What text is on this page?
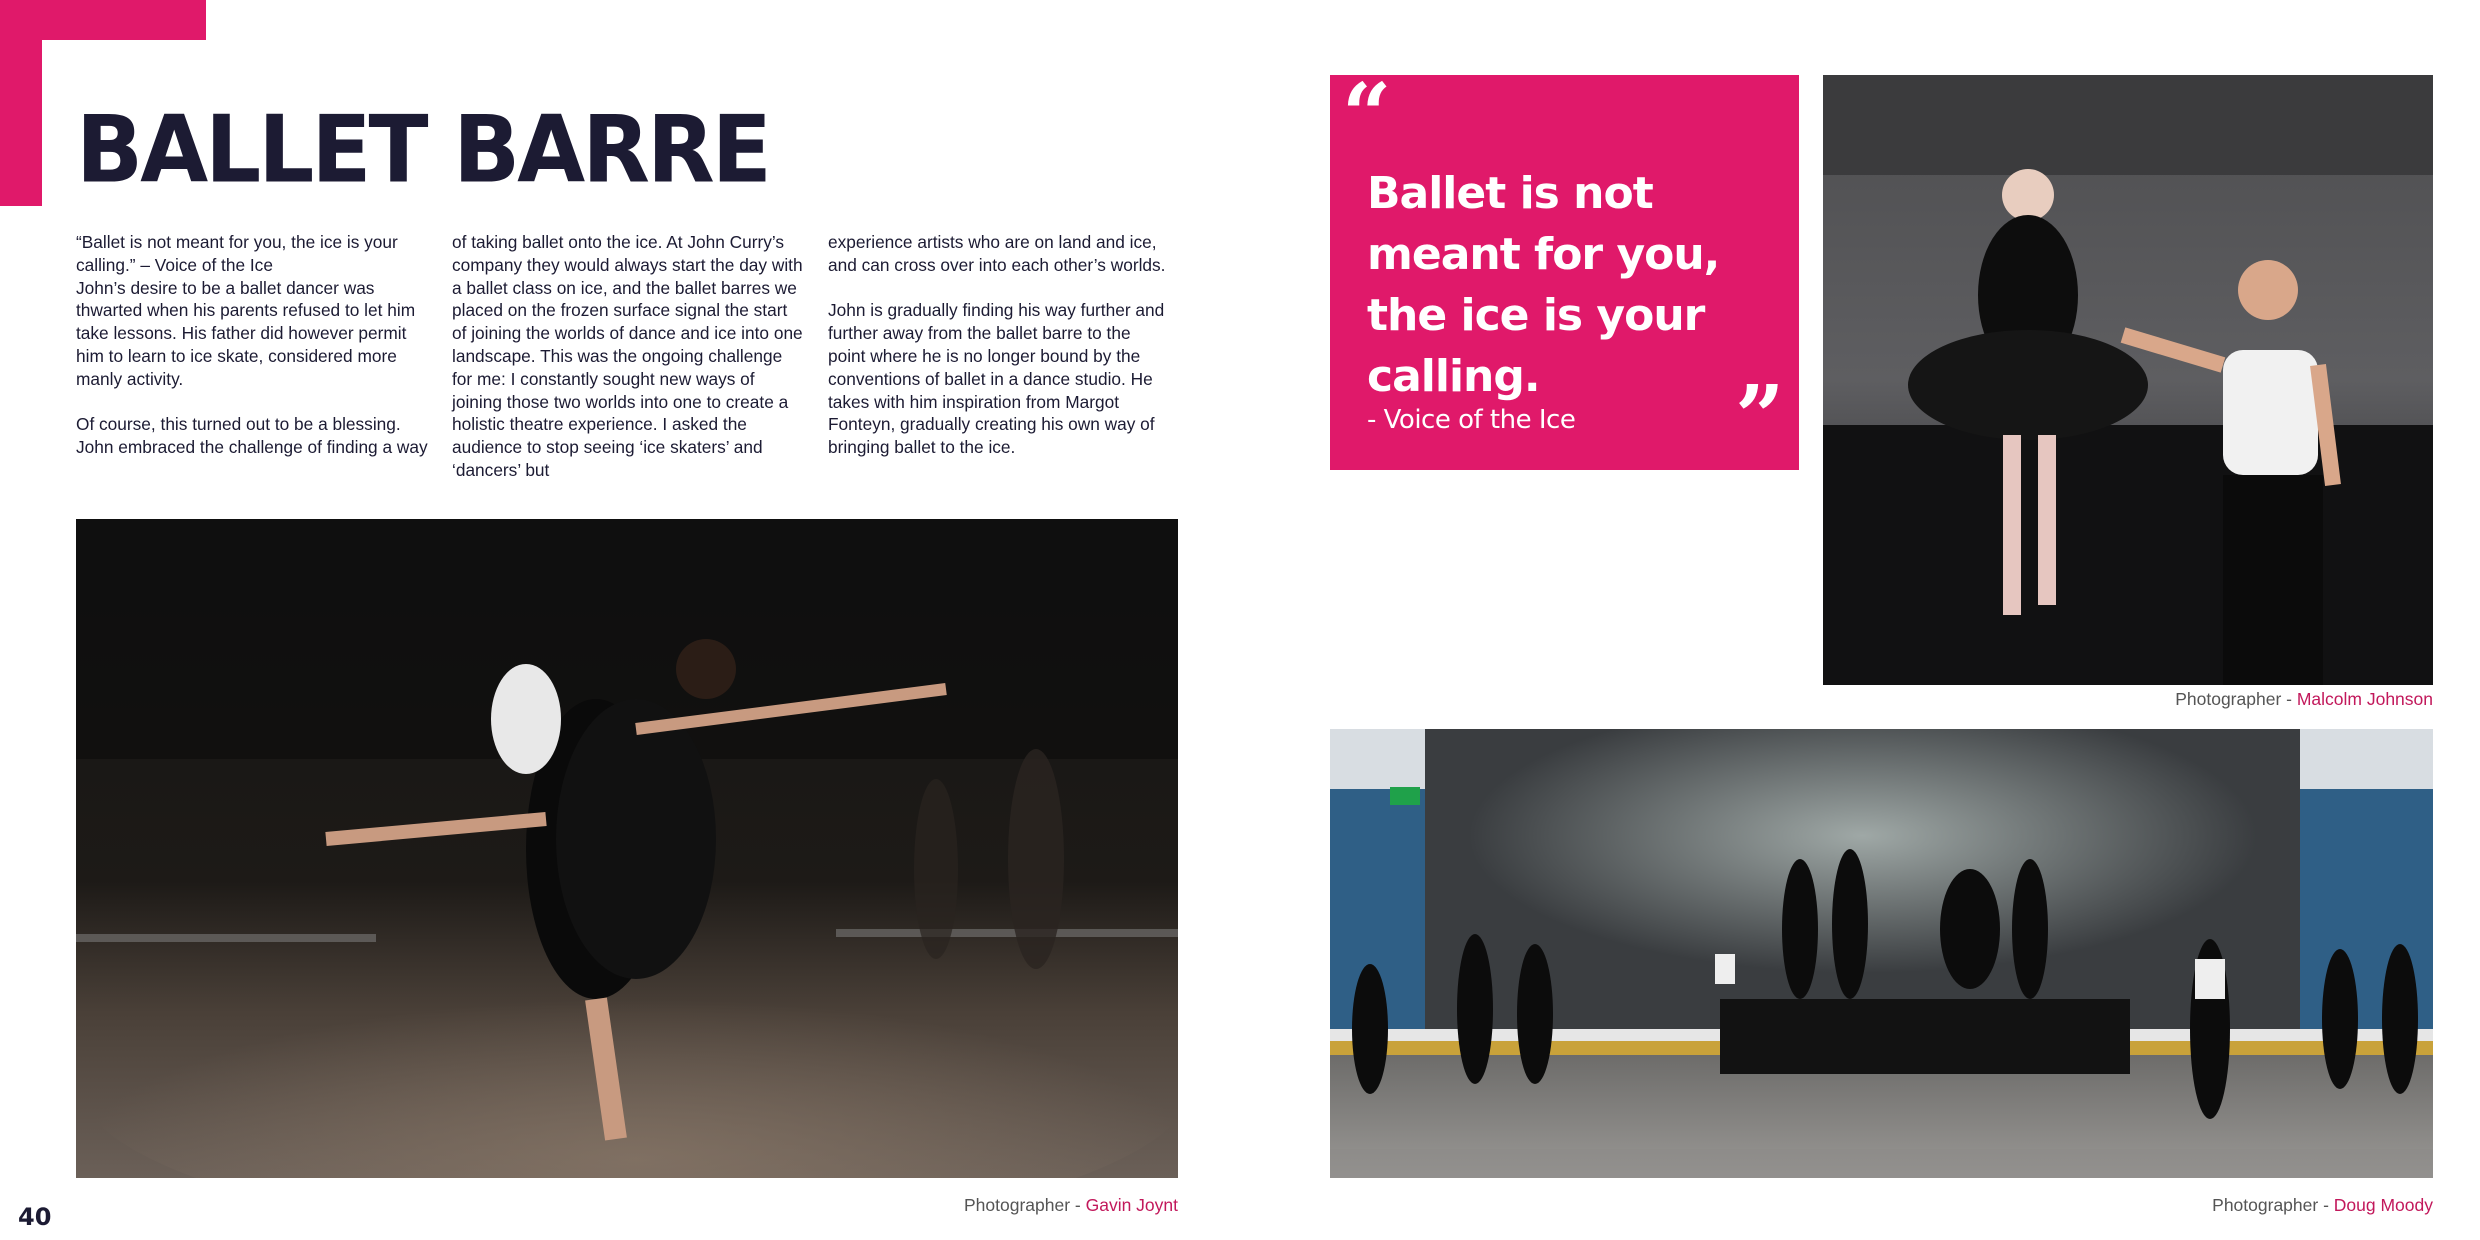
BALLET BARRE
“Ballet is not meant for you, the ice is your calling.” – Voice of the Ice
John’s desire to be a ballet dancer was thwarted when his parents refused to let him take lessons. His father did however permit him to learn to ice skate, considered more manly activity.

Of course, this turned out to be a blessing. John embraced the challenge of finding a way
of taking ballet onto the ice. At John Curry’s company they would always start the day with a ballet class on ice, and the ballet barres we placed on the frozen surface signal the start of joining the worlds of dance and ice into one landscape. This was the ongoing challenge for me: I constantly sought new ways of joining those two worlds into one to create a holistic theatre experience. I asked the audience to stop seeing ‘ice skaters’ and ‘dancers’ but
experience artists who are on land and ice, and can cross over into each other’s worlds.

John is gradually finding his way further and further away from the ballet barre to the point where he is no longer bound by the conventions of ballet in a dance studio. He takes with him inspiration from Margot Fonteyn, gradually creating his own way of bringing ballet to the ice.
Photographer - Gavin Joynt
“
Ballet is not meant for you, the ice is your calling.
- Voice of the Ice ”
Photographer - Malcolm Johnson
Photographer - Doug Moody
40
